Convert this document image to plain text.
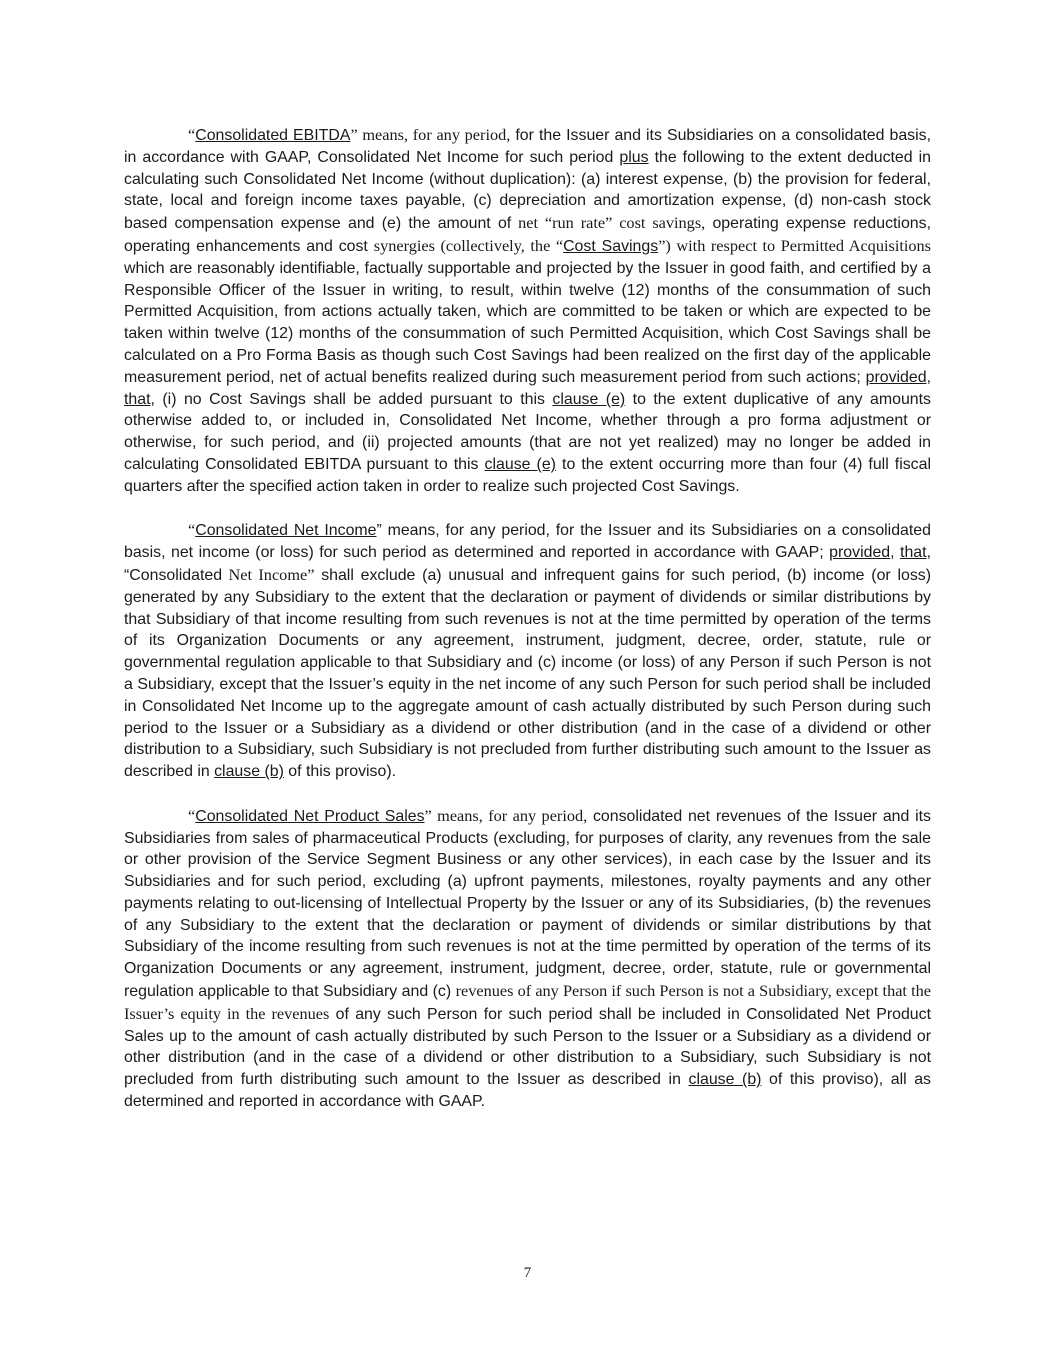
“Consolidated EBITDA” means, for any period, for the Issuer and its Subsidiaries on a consolidated basis, in accordance with GAAP, Consolidated Net Income for such period plus the following to the extent deducted in calculating such Consolidated Net Income (without duplication): (a) interest expense, (b) the provision for federal, state, local and foreign income taxes payable, (c) depreciation and amortization expense, (d) non-cash stock based compensation expense and (e) the amount of net “run rate” cost savings, operating expense reductions, operating enhancements and cost synergies (collectively, the “Cost Savings”) with respect to Permitted Acquisitions which are reasonably identifiable, factually supportable and projected by the Issuer in good faith, and certified by a Responsible Officer of the Issuer in writing, to result, within twelve (12) months of the consummation of such Permitted Acquisition, from actions actually taken, which are committed to be taken or which are expected to be taken within twelve (12) months of the consummation of such Permitted Acquisition, which Cost Savings shall be calculated on a Pro Forma Basis as though such Cost Savings had been realized on the first day of the applicable measurement period, net of actual benefits realized during such measurement period from such actions; provided, that, (i) no Cost Savings shall be added pursuant to this clause (e) to the extent duplicative of any amounts otherwise added to, or included in, Consolidated Net Income, whether through a pro forma adjustment or otherwise, for such period, and (ii) projected amounts (that are not yet realized) may no longer be added in calculating Consolidated EBITDA pursuant to this clause (e) to the extent occurring more than four (4) full fiscal quarters after the specified action taken in order to realize such projected Cost Savings.

“Consolidated Net Income” means, for any period, for the Issuer and its Subsidiaries on a consolidated basis, net income (or loss) for such period as determined and reported in accordance with GAAP; provided, that, “Consolidated Net Income” shall exclude (a) unusual and infrequent gains for such period, (b) income (or loss) generated by any Subsidiary to the extent that the declaration or payment of dividends or similar distributions by that Subsidiary of that income resulting from such revenues is not at the time permitted by operation of the terms of its Organization Documents or any agreement, instrument, judgment, decree, order, statute, rule or governmental regulation applicable to that Subsidiary and (c) income (or loss) of any Person if such Person is not a Subsidiary, except that the Issuer’s equity in the net income of any such Person for such period shall be included in Consolidated Net Income up to the aggregate amount of cash actually distributed by such Person during such period to the Issuer or a Subsidiary as a dividend or other distribution (and in the case of a dividend or other distribution to a Subsidiary, such Subsidiary is not precluded from further distributing such amount to the Issuer as described in clause (b) of this proviso).

“Consolidated Net Product Sales” means, for any period, consolidated net revenues of the Issuer and its Subsidiaries from sales of pharmaceutical Products (excluding, for purposes of clarity, any revenues from the sale or other provision of the Service Segment Business or any other services), in each case by the Issuer and its Subsidiaries and for such period, excluding (a) upfront payments, milestones, royalty payments and any other payments relating to out-licensing of Intellectual Property by the Issuer or any of its Subsidiaries, (b) the revenues of any Subsidiary to the extent that the declaration or payment of dividends or similar distributions by that Subsidiary of the income resulting from such revenues is not at the time permitted by operation of the terms of its Organization Documents or any agreement, instrument, judgment, decree, order, statute, rule or governmental regulation applicable to that Subsidiary and (c) revenues of any Person if such Person is not a Subsidiary, except that the Issuer’s equity in the revenues of any such Person for such period shall be included in Consolidated Net Product Sales up to the amount of cash actually distributed by such Person to the Issuer or a Subsidiary as a dividend or other distribution (and in the case of a dividend or other distribution to a Subsidiary, such Subsidiary is not precluded from furth distributing such amount to the Issuer as described in clause (b) of this proviso), all as determined and reported in accordance with GAAP.

7
